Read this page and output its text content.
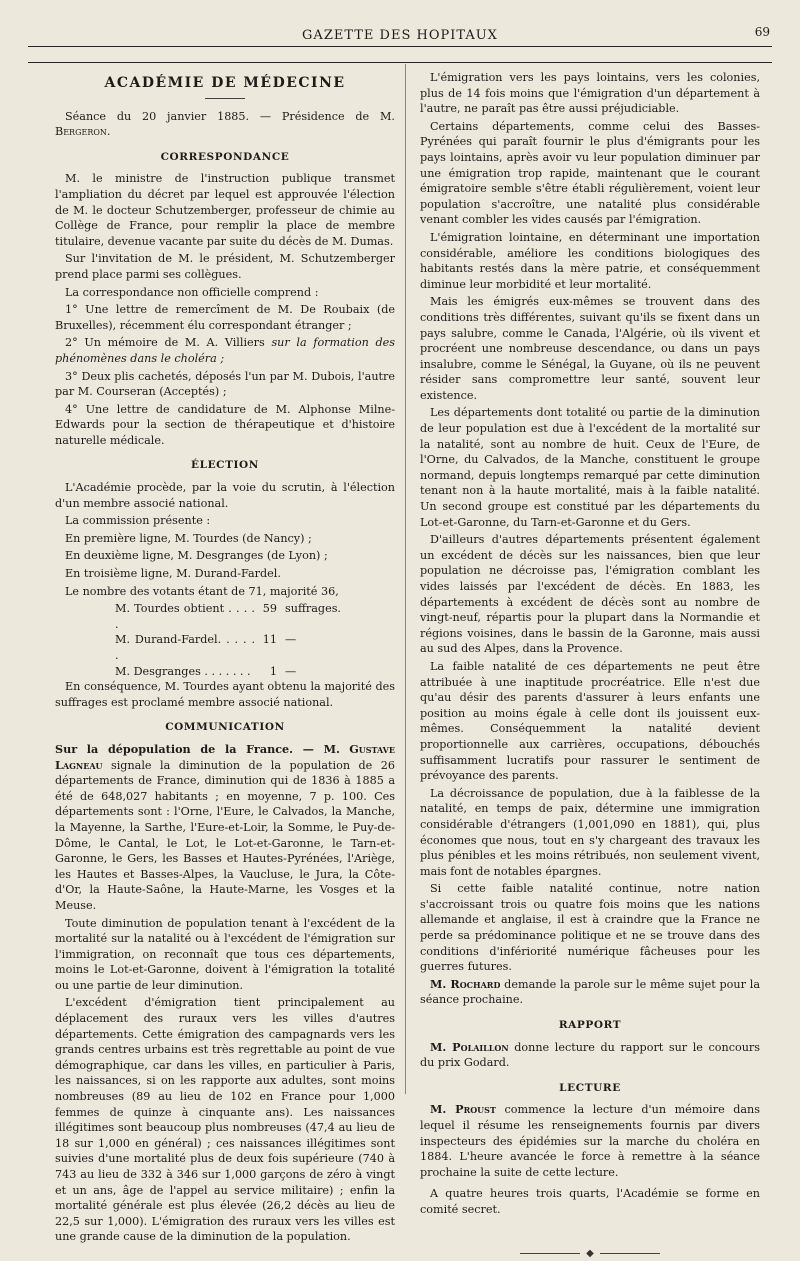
GAZETTE DES HOPITAUX	69
ACADÉMIE DE MÉDECINE

Séance du 20 janvier 1885. — Présidence de M. Bergeron.

CORRESPONDANCE

M. le ministre de l'instruction publique transmet l'ampliation du décret par lequel est approuvée l'élection de M. le docteur Schutzemberger, professeur de chimie au Collège de France, pour remplir la place de membre titulaire, devenue vacante par suite du décès de M. Dumas.

Sur l'invitation de M. le président, M. Schutzemberger prend place parmi ses collègues.

La correspondance non officielle comprend :

1° Une lettre de remercîment de M. De Roubaix (de Bruxelles), récemment élu correspondant étranger ;

2° Un mémoire de M. A. Villiers sur la formation des phénomènes dans le choléra ;

3° Deux plis cachetés, déposés l'un par M. Dubois, l'autre par M. Courseran (Acceptés) ;

4° Une lettre de candidature de M. Alphonse Milne-Edwards pour la section de thérapeutique et d'histoire naturelle médicale.

ÉLECTION

L'Académie procède, par la voie du scrutin, à l'élection d'un membre associé national.

La commission présente :

En première ligne, M. Tourdes (de Nancy) ;

En deuxième ligne, M. Desgranges (de Lyon) ;

En troisième ligne, M. Durand-Fardel.

Le nombre des votants étant de 71, majorité 36,

M. Tourdes obtient . . . . .
59 suffrages.
M. Durand-Fardel. . . . . .
11 —
M. Desgranges . . . . . . .	1 —

En conséquence, M. Tourdes ayant obtenu la majorité des suffrages est proclamé membre associé national.

COMMUNICATION

Sur la dépopulation de la France. — M. Gustave Lagneau signale la diminution de la population de 26 départements de France, diminution qui de 1836 à 1885 a été de 648,027 habitants ; en moyenne, 7 p. 100. Ces départements sont : l'Orne, l'Eure, le Calvados, la Manche, la Mayenne, la Sarthe, l'Eure-et-Loir, la Somme, le Puy-de-Dôme, le Cantal, le Lot, le Lot-et-Garonne, le Tarn-et-Garonne, le Gers, les Basses et Hautes-Pyrénées, l'Ariège, les Hautes et Basses-Alpes, la Vaucluse, le Jura, la Côte-d'Or, la Haute-Saône, la Haute-Marne, les Vosges et la Meuse.

Toute diminution de population tenant à l'excédent de la mortalité sur la natalité ou à l'excédent de l'émigration sur l'immigration, on reconnaît que tous ces départements, moins le Lot-et-Garonne, doivent à l'émigration la totalité ou une partie de leur diminution.

L'excédent d'émigration tient principalement au déplacement des ruraux vers les villes d'autres départements. Cette émigration des campagnards vers les grands centres urbains est très regrettable au point de vue démographique, car dans les villes, en particulier à Paris, les naissances, si on les rapporte aux adultes, sont moins nombreuses (89 au lieu de 102 en France pour 1,000 femmes de quinze à cinquante ans). Les naissances illégitimes sont beaucoup plus nombreuses (47,4 au lieu de 18 sur 1,000 en général) ; ces naissances illégitimes sont suivies d'une mortalité plus de deux fois supérieure (740 à 743 au lieu de 332 à 346 sur 1,000 garçons de zéro à vingt et un ans, âge de l'appel au service militaire) ; enfin la mortalité générale est plus élevée (26,2 décès au lieu de 22,5 sur 1,000). L'émigration des ruraux vers les villes est une grande cause de la diminution de la population.

L'émigration vers les pays lointains, vers les colonies, plus de 14 fois moins que l'émigration d'un département à l'autre, ne paraît pas être aussi préjudiciable.

Certains départements, comme celui des Basses-Pyrénées qui paraît fournir le plus d'émigrants pour les pays lointains, après avoir vu leur population diminuer par une émigration trop rapide, maintenant que le courant émigratoire semble s'être établi régulièrement, voient leur population s'accroître, une natalité plus considérable venant combler les vides causés par l'émigration.

L'émigration lointaine, en déterminant une importation considérable, améliore les conditions biologiques des habitants restés dans la mère patrie, et conséquemment diminue leur morbidité et leur mortalité.

Mais les émigrés eux-mêmes se trouvent dans des conditions très différentes, suivant qu'ils se fixent dans un pays salubre, comme le Canada, l'Algérie, où ils vivent et procréent une nombreuse descendance, ou dans un pays insalubre, comme le Sénégal, la Guyane, où ils ne peuvent résider sans compromettre leur santé, souvent leur existence.

Les départements dont totalité ou partie de la diminution de leur population est due à l'excédent de la mortalité sur la natalité, sont au nombre de huit. Ceux de l'Eure, de l'Orne, du Calvados, de la Manche, constituent le groupe normand, depuis longtemps remarqué par cette diminution tenant non à la haute mortalité, mais à la faible natalité. Un second groupe est constitué par les départements du Lot-et-Garonne, du Tarn-et-Garonne et du Gers.

D'ailleurs d'autres départements présentent également un excédent de décès sur les naissances, bien que leur population ne décroisse pas, l'émigration comblant les vides laissés par l'excédent de décès. En 1883, les départements à excédent de décès sont au nombre de vingt-neuf, répartis pour la plupart dans la Normandie et régions voisines, dans le bassin de la Garonne, mais aussi au sud des Alpes, dans la Provence.

La faible natalité de ces départements ne peut être attribuée à une inaptitude procréatrice. Elle n'est due qu'au désir des parents d'assurer à leurs enfants une position au moins égale à celle dont ils jouissent eux-mêmes. Conséquemment la natalité devient proportionnelle aux carrières, occupations, débouchés suffisamment lucratifs pour rassurer le sentiment de prévoyance des parents.

La décroissance de population, due à la faiblesse de la natalité, en temps de paix, détermine une immigration considérable d'étrangers (1,001,090 en 1881), qui, plus économes que nous, tout en s'y chargeant des travaux les plus pénibles et les moins rétribués, non seulement vivent, mais font de notables épargnes.

Si cette faible natalité continue, notre nation s'accroissant trois ou quatre fois moins que les nations allemande et anglaise, il est à craindre que la France ne perde sa prédominance politique et ne se trouve dans des conditions d'infériorité numérique fâcheuses pour les guerres futures.

M. Rochard demande la parole sur le même sujet pour la séance prochaine.

RAPPORT

M. Polaillon donne lecture du rapport sur le concours du prix Godard.

LECTURE

M. Proust commence la lecture d'un mémoire dans lequel il résume les renseignements fournis par divers inspecteurs des épidémies sur la marche du choléra en 1884. L'heure avancée le force à remettre à la séance prochaine la suite de cette lecture.

A quatre heures trois quarts, l'Académie se forme en comité secret.

◆
